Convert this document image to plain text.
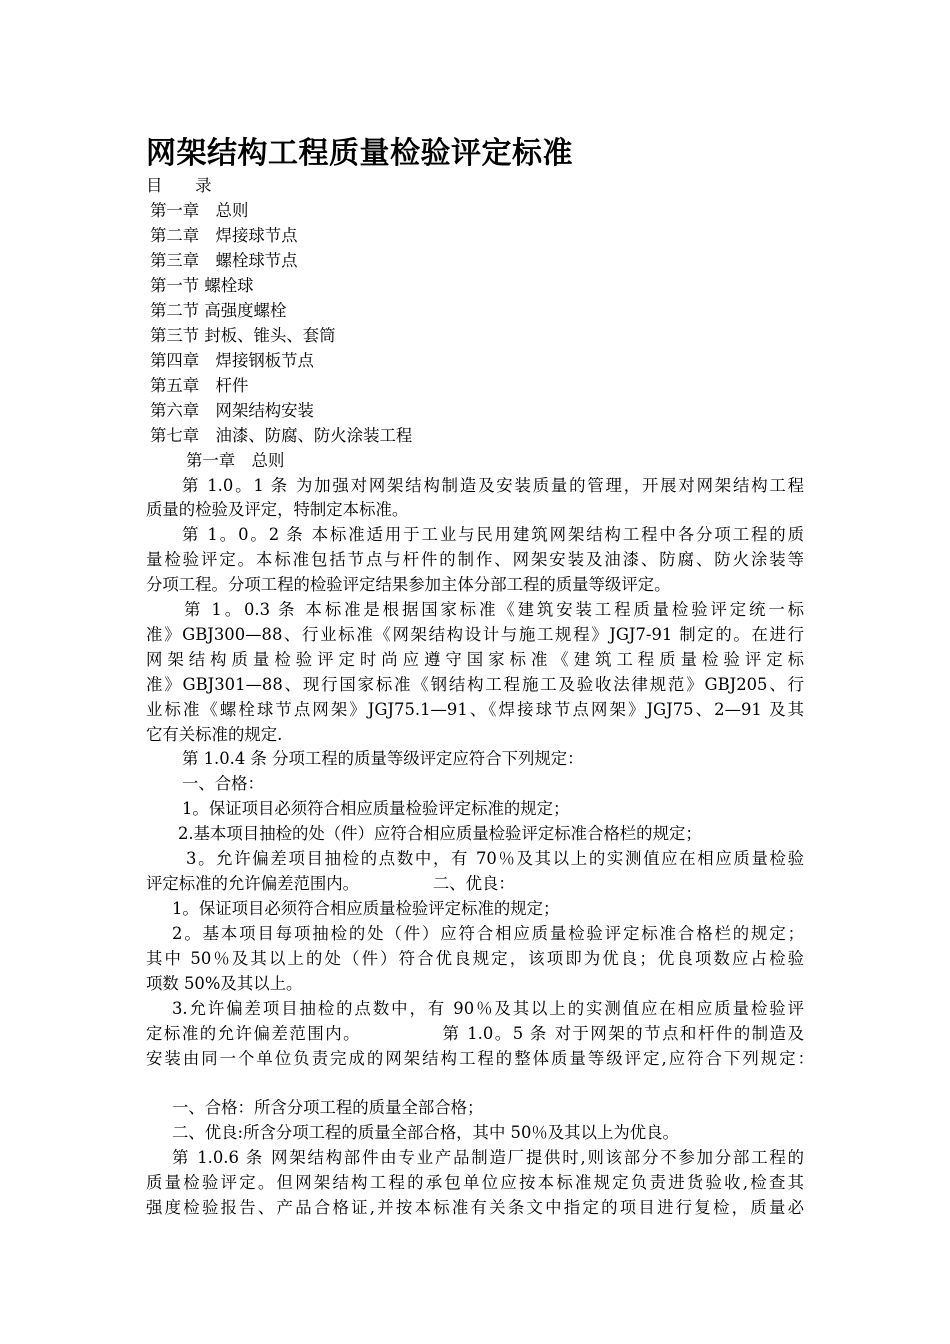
网架结构工程质量检验评定标准
目　　录
第一章　总则
第二章　焊接球节点
第三章　螺栓球节点
第一节 螺栓球
第二节 高强度螺栓
第三节 封板、锥头、套筒
第四章　焊接钢板节点
第五章　杆件
第六章　网架结构安装
第七章　油漆、防腐、防火涂装工程
第一章　总则
第 1.0。1 条 为加强对网架结构制造及安装质量的管理，开展对网架结构工程
质量的检验及评定，特制定本标准。
第 1。0。2 条 本标准适用于工业与民用建筑网架结构工程中各分项工程的质
量检验评定。本标准包括节点与杆件的制作、网架安装及油漆、防腐、防火涂装等
分项工程。分项工程的检验评定结果参加主体分部工程的质量等级评定。
第 1。0.3 条 本标准是根据国家标准《建筑安装工程质量检验评定统一标
准》GBJ300—88、行业标准《网架结构设计与施工规程》JGJ7-91 制定的。在进行
网架结构质量检验评定时尚应遵守国家标准《建筑工程质量检验评定标
准》GBJ301—88、现行国家标准《钢结构工程施工及验收法律规范》GBJ205、行
业标准《螺栓球节点网架》JGJ75.1—91、《焊接球节点网架》JGJ75、2—91 及其
它有关标准的规定.
第 1.0.4 条 分项工程的质量等级评定应符合下列规定：
一、合格：
1。保证项目必须符合相应质量检验评定标准的规定；
2.基本项目抽检的处（件）应符合相应质量检验评定标准合格栏的规定；
3。允许偏差项目抽检的点数中，有 70％及其以上的实测值应在相应质量检验
评定标准的允许偏差范围内。　　　　　二、优良：
1。保证项目必须符合相应质量检验评定标准的规定；
2。基本项目每项抽检的处（件）应符合相应质量检验评定标准合格栏的规定；
其中 50％及其以上的处（件）符合优良规定，该项即为优良；优良项数应占检验
项数 50%及其以上。
3.允许偏差项目抽检的点数中，有 90％及其以上的实测值应在相应质量检验评
定标准的允许偏差范围内。　　　　　第 1.0。5 条 对于网架的节点和杆件的制造及
安装由同一个单位负责完成的网架结构工程的整体质量等级评定,应符合下列规定：
一、合格：所含分项工程的质量全部合格；
二、优良:所含分项工程的质量全部合格，其中 50％及其以上为优良。
第 1.0.6 条 网架结构部件由专业产品制造厂提供时,则该部分不参加分部工程的
质量检验评定。但网架结构工程的承包单位应按本标准规定负责进货验收,检查其
强度检验报告、产品合格证,并按本标准有关条文中指定的项目进行复检，质量必
